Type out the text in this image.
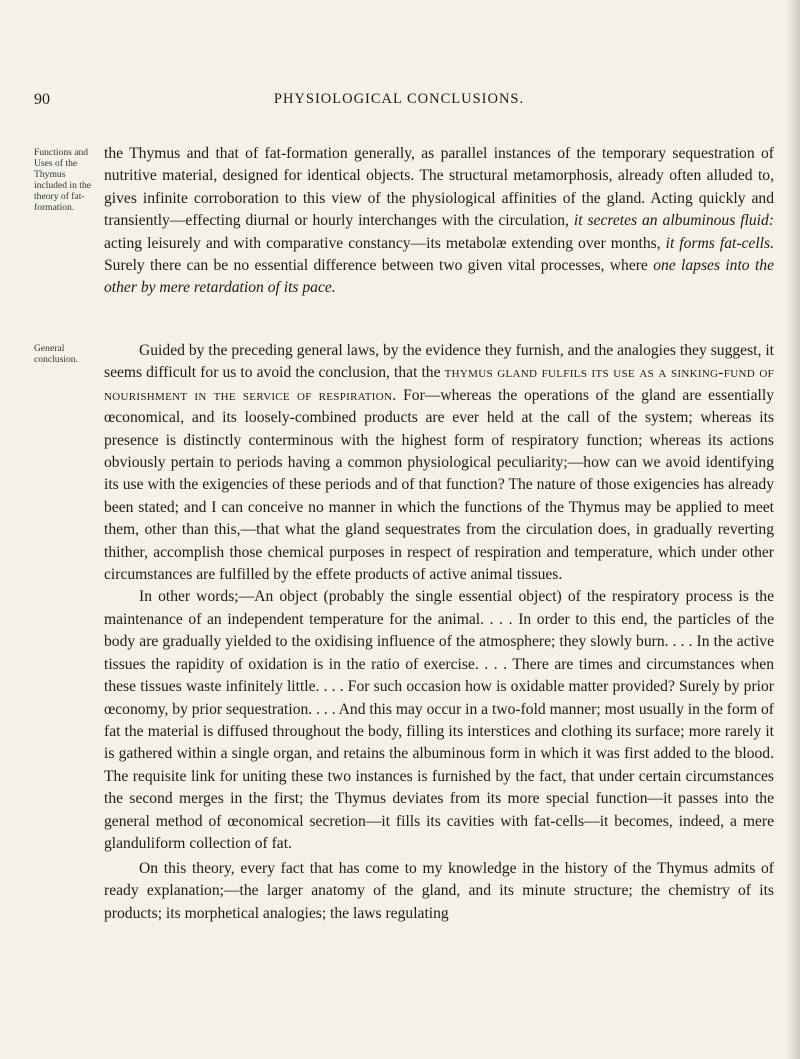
90	PHYSIOLOGICAL CONCLUSIONS.
Functions and Uses of the Thymus included in the theory of fat-formation.
General conclusion.

the Thymus and that of fat-formation generally, as parallel instances of the temporary sequestration of nutritive material, designed for identical objects. The structural metamorphosis, already often alluded to, gives infinite corroboration to this view of the physiological affinities of the gland. Acting quickly and transiently—effecting diurnal or hourly interchanges with the circulation, it secretes an albuminous fluid: acting leisurely and with comparative constancy—its metabolæ extending over months, it forms fat-cells. Surely there can be no essential difference between two given vital processes, where one lapses into the other by mere retardation of its pace.

Guided by the preceding general laws, by the evidence they furnish, and the analogies they suggest, it seems difficult for us to avoid the conclusion, that the thymus gland fulfils its use as a sinking-fund of nourishment in the service of respiration. For—whereas the operations of the gland are essentially œconomical, and its loosely-combined products are ever held at the call of the system; whereas its presence is distinctly conterminous with the highest form of respiratory function; whereas its actions obviously pertain to periods having a common physiological peculiarity;—how can we avoid identifying its use with the exigencies of these periods and of that function? The nature of those exigencies has already been stated; and I can conceive no manner in which the functions of the Thymus may be applied to meet them, other than this,—that what the gland sequestrates from the circulation does, in gradually reverting thither, accomplish those chemical purposes in respect of respiration and temperature, which under other circumstances are fulfilled by the effete products of active animal tissues.

In other words;—An object (probably the single essential object) of the respiratory process is the maintenance of an independent temperature for the animal. . . . In order to this end, the particles of the body are gradually yielded to the oxidising influence of the atmosphere; they slowly burn. . . . In the active tissues the rapidity of oxidation is in the ratio of exercise. . . . There are times and circumstances when these tissues waste infinitely little. . . . For such occasion how is oxidable matter provided? Surely by prior œconomy, by prior sequestration. . . . And this may occur in a two-fold manner; most usually in the form of fat the material is diffused throughout the body, filling its interstices and clothing its surface; more rarely it is gathered within a single organ, and retains the albuminous form in which it was first added to the blood. The requisite link for uniting these two instances is furnished by the fact, that under certain circumstances the second merges in the first; the Thymus deviates from its more special function—it passes into the general method of œconomical secretion—it fills its cavities with fat-cells—it becomes, indeed, a mere glanduliform collection of fat.

On this theory, every fact that has come to my knowledge in the history of the Thymus admits of ready explanation;—the larger anatomy of the gland, and its minute structure; the chemistry of its products; its morphetical analogies; the laws regulating
